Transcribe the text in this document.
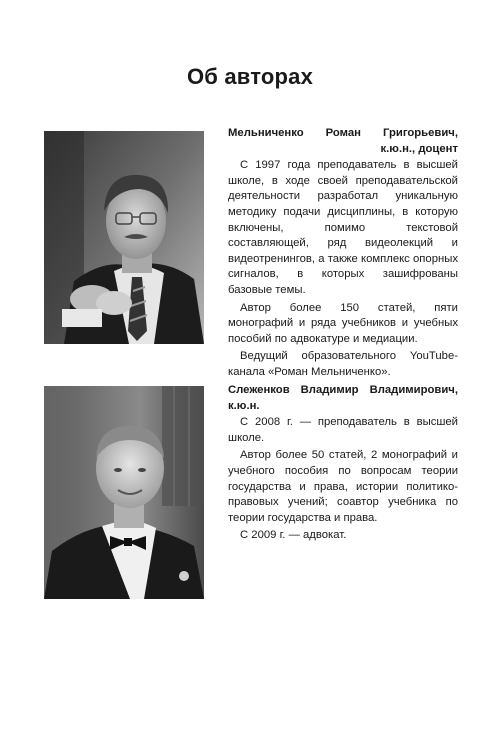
Об авторах

Мельниченко Роман Григорьевич, к.ю.н., доцент

С 1997 года преподаватель в высшей школе, в ходе своей преподавательской деятельности разработал уникальную методику подачи дисциплины, в которую включены, помимо текстовой составляющей, ряд видеолекций и видеотренингов, а также комплекс опорных сигналов, в которых зашифрованы базовые темы.

Автор более 150 статей, пяти монографий и ряда учебников и учебных пособий по адвокатуре и медиации.

Ведущий образовательного YouTube-канала «Роман Мельниченко».

Слеженков Владимир Владимирович, к.ю.н.

С 2008 г. — преподаватель в высшей школе.

Автор более 50 статей, 2 монографий и учебного пособия по вопросам теории государства и права, истории политико-правовых учений; соавтор учебника по теории государства и права.

С 2009 г. — адвокат.
